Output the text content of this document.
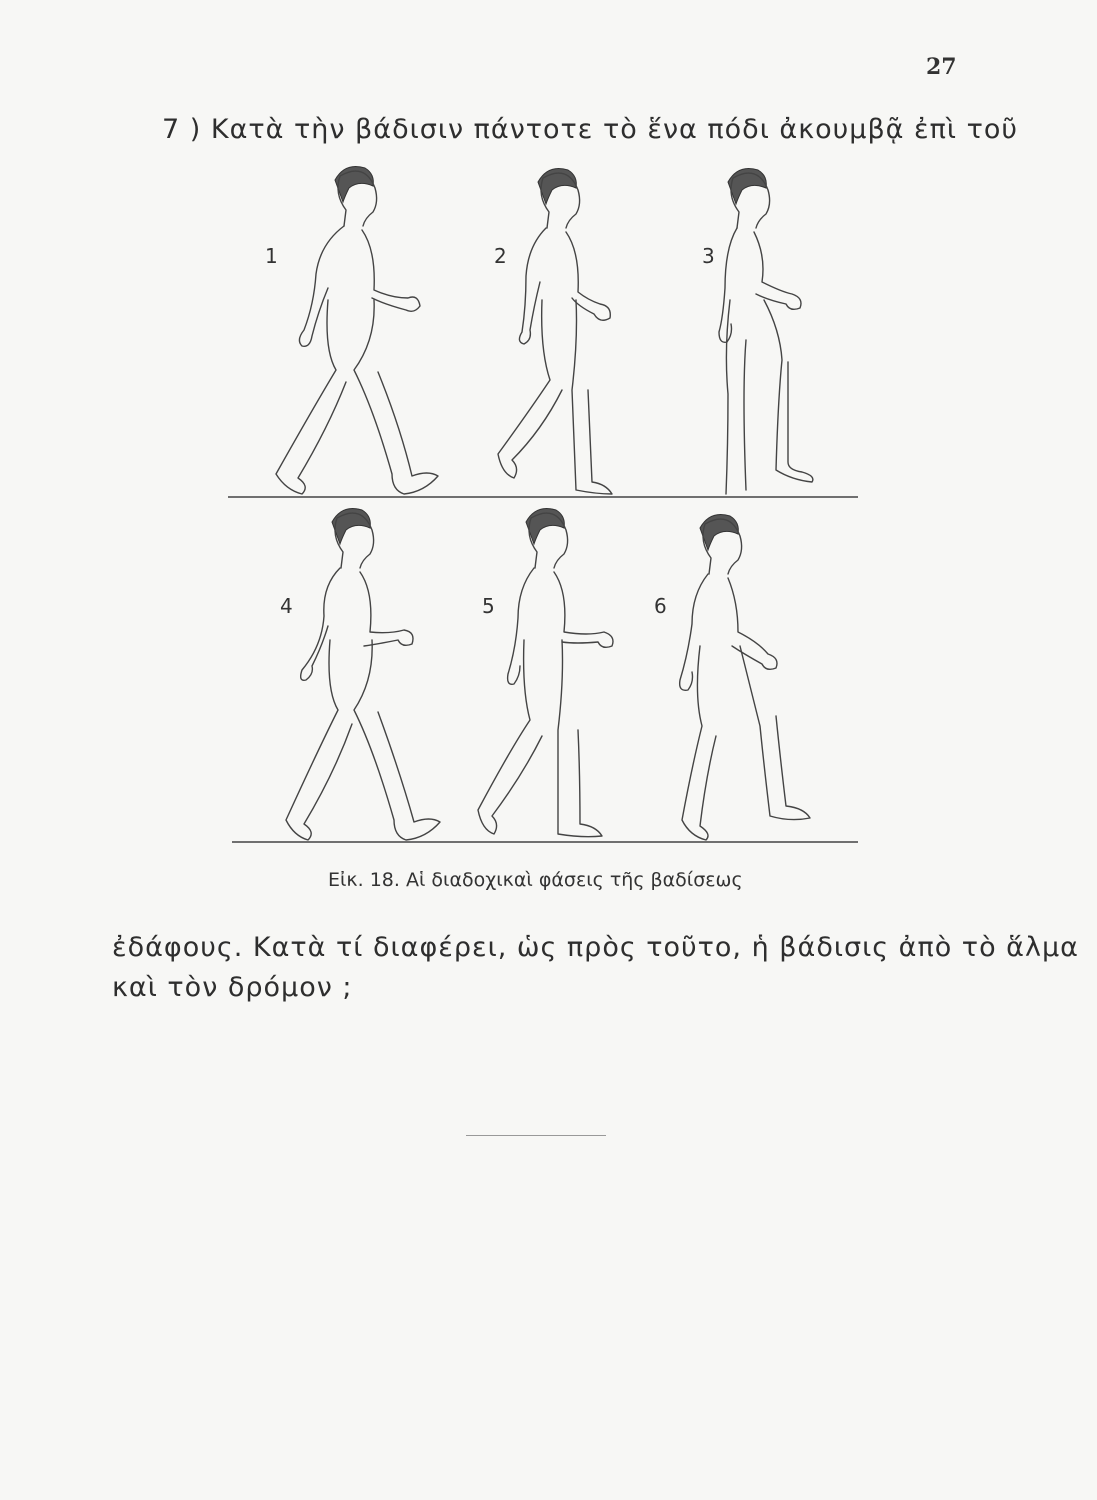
27
7 ) Κατὰ τὴν βάδισιν πάντοτε τὸ ἕνα πόδι ἀκουμβᾷ ἐπὶ τοῦ
1	2	3
4	5	6
Εἰκ. 18. Αἱ διαδοχικαὶ φάσεις τῆς βαδίσεως
ἐδάφους. Κατὰ τί διαφέρει, ὡς πρὸς τοῦτο, ἡ βάδισις ἀπὸ τὸ ἅλμα
καὶ τὸν δρόμον ;
